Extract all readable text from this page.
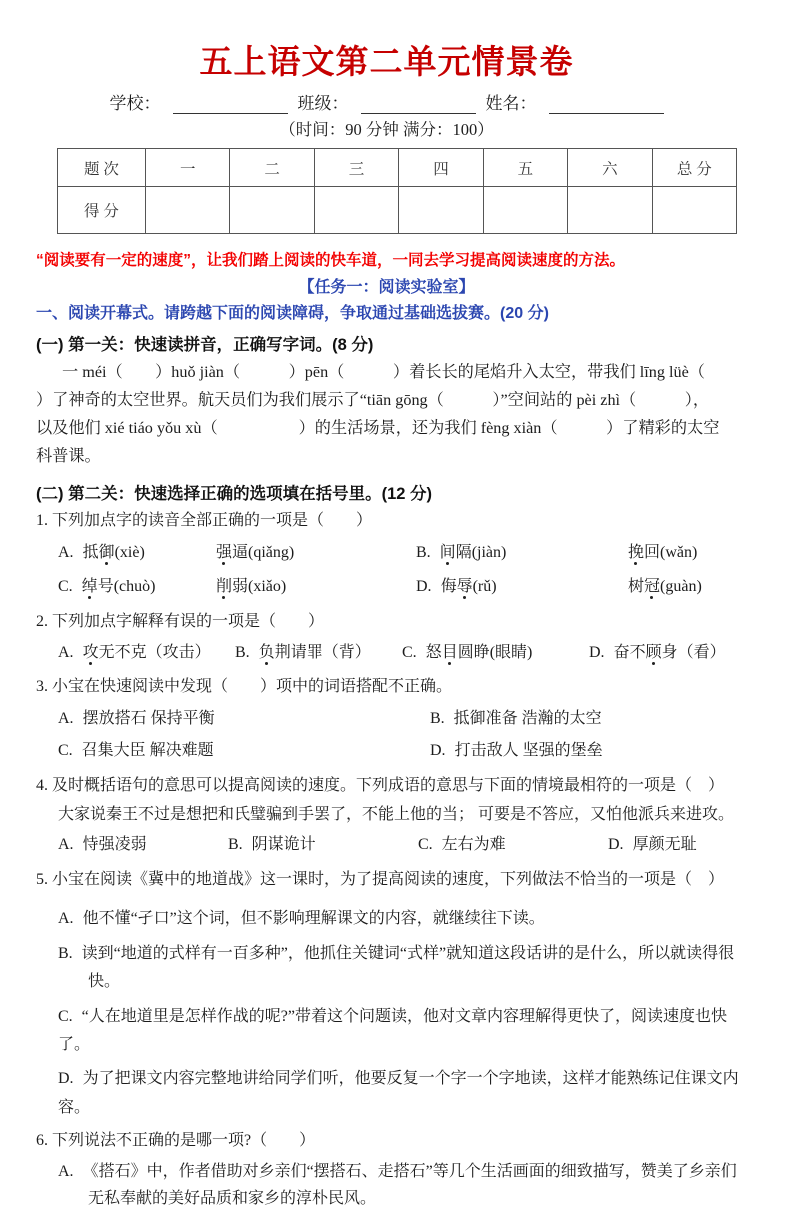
五上语文第二单元情景卷
学校：	班级：	姓名：
（时间：90 分钟 满分：100）
题 次	一	二	三	四	五	六	总 分
得 分							
“阅读要有一定的速度”，让我们踏上阅读的快车道，一同去学习提高阅读速度的方法。
【任务一：阅读实验室】
一、阅读开幕式。请跨越下面的阅读障碍，争取通过基础选拔赛。(20 分)
(一) 第一关：快速读拼音，正确写字词。(8 分)
一 méi（　　）huǒ jiàn（　　　）pēn（　　　）着长长的尾焰升入太空，带我们 līng lüè（
）了神奇的太空世界。航天员们为我们展示了“tiān gōng（　　　）”空间站的 pèi zhì（　　　），
以及他们 xié tiáo yǒu xù（　　　　　）的生活场景，还为我们 fèng xiàn（　　　）了精彩的太空
科普课。
(二) 第二关：快速选择正确的选项填在括号里。(12 分)
1. 下列加点字的读音全部正确的一项是（　　）
A. 抵御(xiè)	强逼(qiǎng)	B. 间隔(jiàn)	挽回(wǎn)
C. 绰号(chuò)	削弱(xiǎo)	D. 侮辱(rǔ)	树冠(guàn)
2. 下列加点字解释有误的一项是（　　）
A. 攻无不克（攻击）	B. 负荆请罪（背）	C. 怒目圆睁(眼睛)	D. 奋不顾身（看）
3. 小宝在快速阅读中发现（　　）项中的词语搭配不正确。
A. 摆放搭石 保持平衡	B. 抵御准备 浩瀚的太空
C. 召集大臣 解决难题	D. 打击敌人 坚强的堡垒
4. 及时概括语句的意思可以提高阅读的速度。下列成语的意思与下面的情境最相符的一项是（　）
大家说秦王不过是想把和氏璧骗到手罢了，不能上他的当； 可要是不答应，又怕他派兵来进攻。
A. 恃强凌弱	B. 阴谋诡计	C. 左右为难	D. 厚颜无耻
5. 小宝在阅读《冀中的地道战》这一课时，为了提高阅读的速度，下列做法不恰当的一项是（　）
A. 他不懂“孑口”这个词，但不影响理解课文的内容，就继续往下读。
B. 读到“地道的式样有一百多种”，他抓住关键词“式样”就知道这段话讲的是什么，所以就读得很快。
C. “人在地道里是怎样作战的呢?”带着这个问题读，他对文章内容理解得更快了，阅读速度也快了。
D. 为了把课文内容完整地讲给同学们听，他要反复一个字一个字地读，这样才能熟练记住课文内容。
6. 下列说法不正确的是哪一项?（　　）
A. 《搭石》中，作者借助对乡亲们“摆搭石、走搭石”等几个生活画面的细致描写，赞美了乡亲们无私奉献的美好品质和家乡的淳朴民风。
